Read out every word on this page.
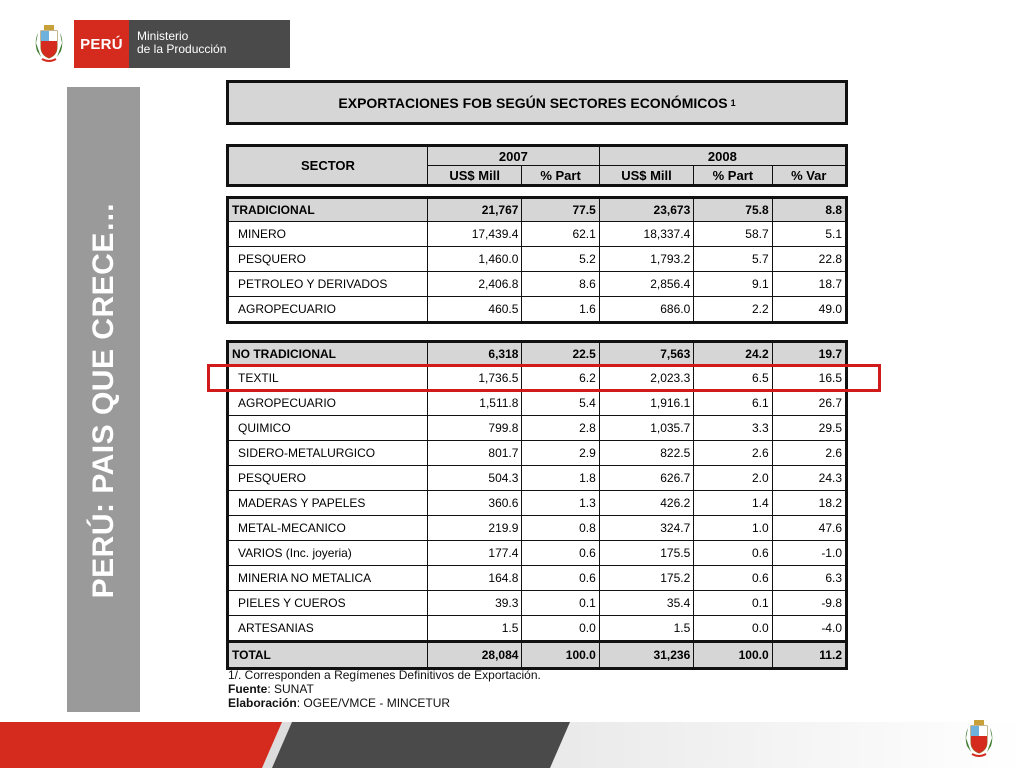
PERÚ	Ministerio
de la Producción
PERÚ: PAIS QUE CRECE…
EXPORTACIONES FOB SEGÚN SECTORES ECONÓMICOS 1
SECTOR	2007		2008		
	US$ Mill	% Part	US$ Mill	% Part	% Var
TRADICIONAL	21,767	77.5	23,673	75.8	8.8
MINERO	17,439.4	62.1	18,337.4	58.7	5.1
PESQUERO	1,460.0	5.2	1,793.2	5.7	22.8
PETROLEO Y DERIVADOS	2,406.8	8.6	2,856.4	9.1	18.7
AGROPECUARIO	460.5	1.6	686.0	2.2	49.0
NO TRADICIONAL	6,318	22.5	7,563	24.2	19.7
TEXTIL	1,736.5	6.2	2,023.3	6.5	16.5
AGROPECUARIO	1,511.8	5.4	1,916.1	6.1	26.7
QUIMICO	799.8	2.8	1,035.7	3.3	29.5
SIDERO-METALURGICO	801.7	2.9	822.5	2.6	2.6
PESQUERO	504.3	1.8	626.7	2.0	24.3
MADERAS Y PAPELES	360.6	1.3	426.2	1.4	18.2
METAL-MECANICO	219.9	0.8	324.7	1.0	47.6
VARIOS (Inc. joyeria)	177.4	0.6	175.5	0.6	-1.0
MINERIA NO METALICA	164.8	0.6	175.2	0.6	6.3
PIELES Y CUEROS	39.3	0.1	35.4	0.1	-9.8
ARTESANIAS	1.5	0.0	1.5	0.0	-4.0
TOTAL	28,084	100.0	31,236	100.0	11.2
1/. Corresponden a Regímenes Definitivos de Exportación.
Fuente: SUNAT
Elaboración: OGEE/VMCE - MINCETUR
